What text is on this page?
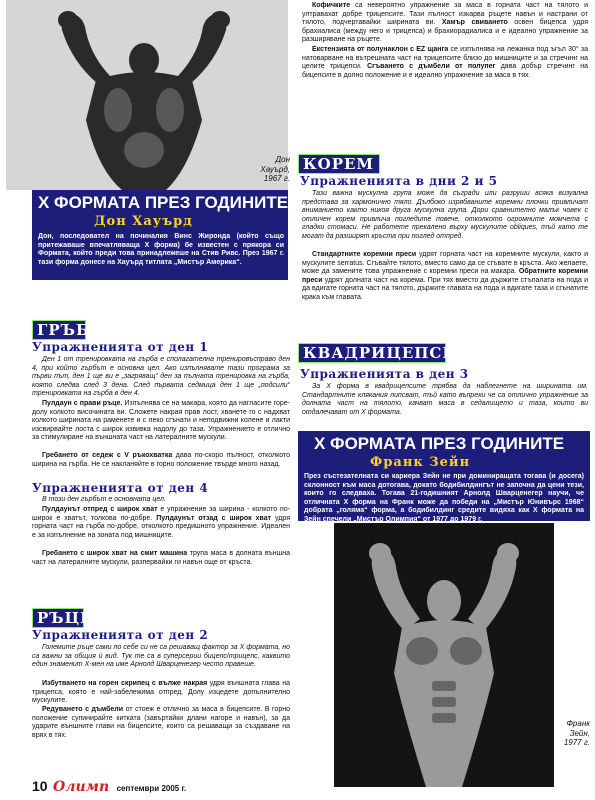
Дон
Хауърд,
1967 г.
Х ФОРМАТА ПРЕЗ ГОДИНИТЕ
Дон Хауърд

Дон, последовател на починалия Винс Жиронда (който също притежаваше впечатляваща Х форма) бе известен с прякора си Формата, който преди това принадлежеше на Стив Ривс. През 1967 г. тази форма донесе на Хауърд титлата „Мистър Америка“.

ГРЪБ
Упражненията от ден 1

Ден 1 от тренировката на гърба е сполагателна тренировъсправо ден 4, при който гърбът е основна цел. Ако изпълнявате тази програма за първи път, ден 1 ще ви е „загряващ“ ден за пълната тренировка на гърба, която следва след 3 дена. След първата седмица ден 1 ще „подсили“ тренировката на гърба в ден 4.

Пулдаун с прави ръце. Изпълнява се на макара, която да нагласите горе-долу колкото височината ви. Сложете накрая прав лост, хванете го с надхват колкото ширината на раменете и с леко сгънати и неподвижни колене и лакти изсвирвайте лоста с широк извивка надолу до таза. Упражнението е отлично за стимулиране на външната част на латералните мускули.

Гребането от седеж с V ръкохватка дава по-скоро пълност, отколкото ширина на гърба. Не се накланяйте в горно положение твърде много назад.

Упражненията от ден 4

В този ден гърбът е основната цел.

Пулдаунът отпред с широк хват е упражнение за ширина - колкото по-широк е хватът, толкова по-добре. Пулдаунът отзад с широк хват удря горната част на гърба по-добре, отколкото предишното упражнение. Идеален е за изпълнение на зоната под мишниците.

Гребането с широк хват на смит машина трупа маса в долната външна част на латералните мускули, разпервайки ги навън още от кръста.

РЪЦЕ
Упражненията от ден 2

Големите ръце сами по себе си не са решаващ фактор за Х формата, но са важни за общия ѝ вид. Тук те са в суперсерии бицепс/трицепс, каквито един знаменит Х-мен на име Арнолд Шварценегер често правеше.

Избутването на горен скрипец с вълже накрая удря външната глава на трицепса, която е най-забележима отпред. Долу изцедете допълнително мускулите.

Редуването с дъмбели от стоеж е отлично за маса в бицепсите. В горно положение супинирайте китката (завъртайки длани нагоре и навън), за да ударите външните глави на бицепсите, които са решаващи за създаване на врях в тях.

Кофичките са невероятно упражнение за маса в горната част на тялото и ултравахат добре трицепсите. Тази пълност изкарва ръцете навън и настрани от тялото, подчертавайки ширината ви. Хамър свиването освен бицепса удря брахиалиса (между него и трицепса) и брахиорадиалиса и е идеално упражнение за разширяване на ръцете.

Екстензията от полунаклон с EZ щанга се изпълнява на лежанка под ъгъл 30° за натоварване на вътрешната част на трицепсите близо до мишниците и за стречинг на целите трицепси. Сгъването с дъмбели от полупег дава добър стречинг на бицепсите в долно положение и е идеално упражнение за маса в тях.

КОРЕМ
Упражненията в дни 2 и 5

Тази важна мускулна група може да съгради или разруши всяка визуална представа за хармонично тяло. Дълбоко изрябваните коремни плочки привличат вниманието както никоя друга мускулна група. Дори сравнително малък човек с отличен корем привлича погледите повече, отколкото огромните момчета с гладки стомаси. Не работете прекалено върху мускулите obliques, тъй като те могат да разширят кръста при поглед отпред.

Стандартните коремни преси удрят горната част на коремните мускули, както и мускулите serratus. Сгъвайте тялото, вместо само да се сгъвате в кръста. Ако желаете, може да замените това упражнение с коремни преси на макара. Обратните коремни преси удрят долната част на корема. При тях вместо да държите стъпалата на пода и да вдигате горната част на тялото, държите главата на пода и вдигате таза и сгънатите крака към главата.

КВАДРИЦЕПСИ
Упражненията в ден 3

За Х форма в квадрицепсите трябва да наблегнете на ширината им. Стандартните клякания липсват, тъй като въпреки че са отлично упражнение за долната част на тялото, качват маса в седалището и таза, които ви отдалечават от Х формата.

Х ФОРМАТА ПРЕЗ ГОДИНИТЕ
Франк Зейн

През състезателната си кариера Зейн не при доминиращата тогава (и досега) склонност към маса дотогава, докато бодибилдингът не започна да цени тези, които го следваха. Тогава 21-годишният Арнолд Шварценегер научи, че отличната Х форма на Франк може да победи на „Мистър Юнивърс 1968“ добрата „голяма“ форма, а бодибилдинг средите видяха как Х формата на Зейн спечели „Мистър Олимпия“ от 1977 до 1979 г.

Франк
Зейн,
1977 г.
10 Олимп септември 2005 г.
